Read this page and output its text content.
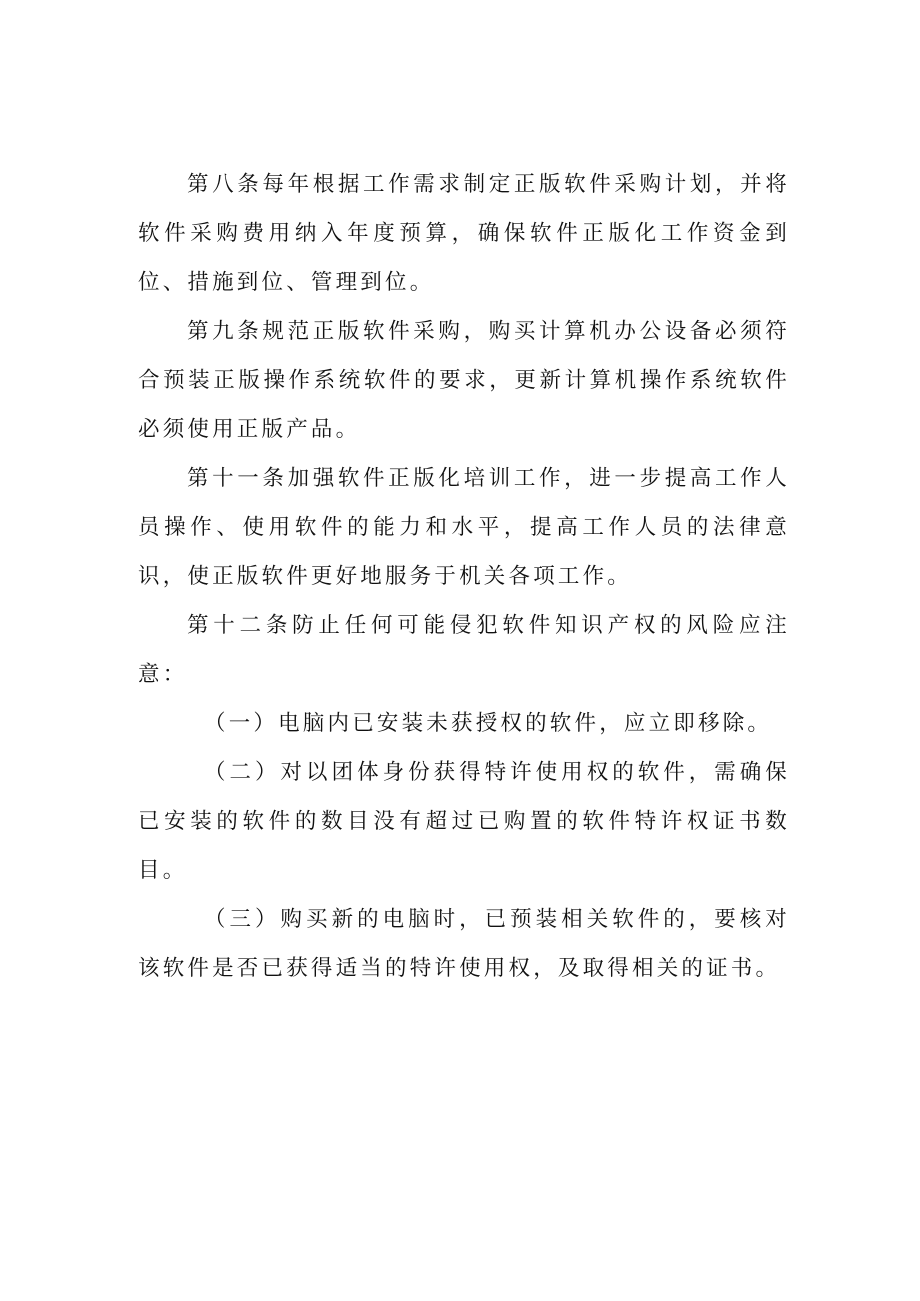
第八条每年根据工作需求制定正版软件采购计划，并将软件采购费用纳入年度预算，确保软件正版化工作资金到位、措施到位、管理到位。

第九条规范正版软件采购，购买计算机办公设备必须符合预装正版操作系统软件的要求，更新计算机操作系统软件必须使用正版产品。

第十一条加强软件正版化培训工作，进一步提高工作人员操作、使用软件的能力和水平，提高工作人员的法律意识，使正版软件更好地服务于机关各项工作。

第十二条防止任何可能侵犯软件知识产权的风险应注意：

（一）电脑内已安装未获授权的软件，应立即移除。

（二）对以团体身份获得特许使用权的软件，需确保已安装的软件的数目没有超过已购置的软件特许权证书数目。

（三）购买新的电脑时，已预装相关软件的，要核对该软件是否已获得适当的特许使用权，及取得相关的证书。
